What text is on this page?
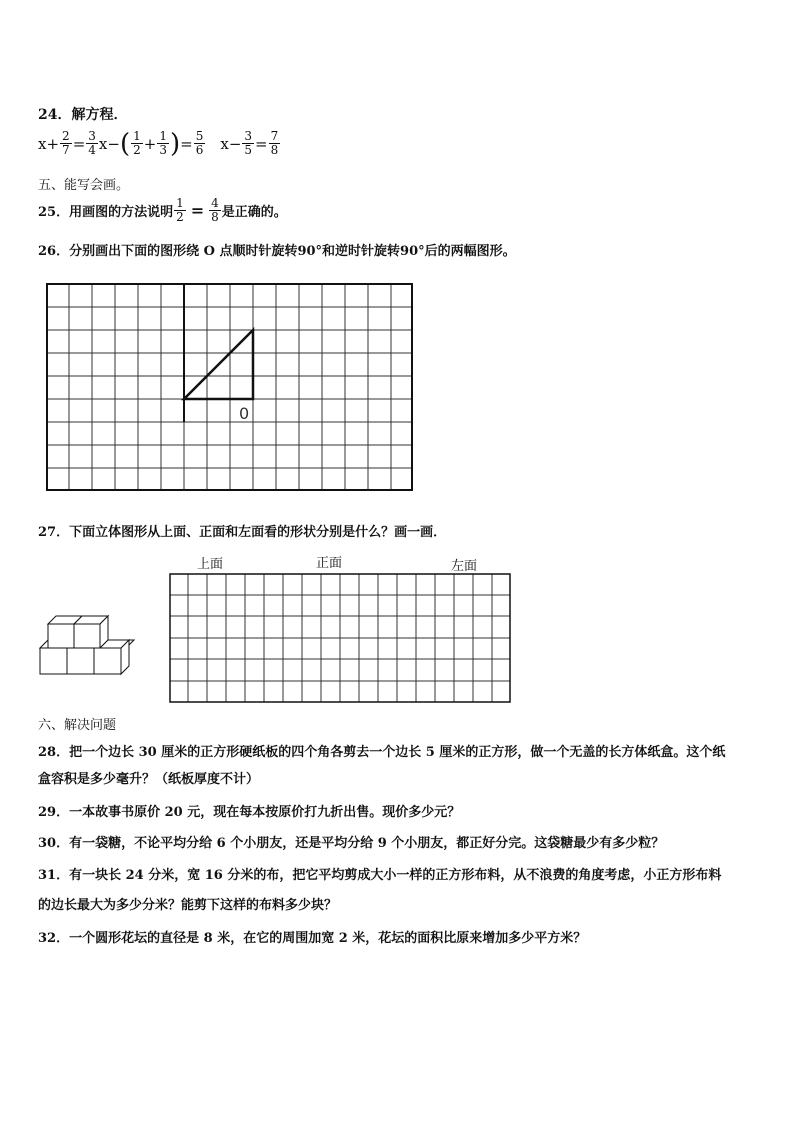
24．解方程．
$x + \frac{2}{7} = \frac{3}{4}$ x − ( $\frac{1}{2} + \frac{1}{3}$ ) = $\frac{5}{6}$ $x - \frac{3}{5} = \frac{7}{8}$
五、能写会画。
25．用画图的方法说明 $\frac{1}{2} = \frac{4}{8}$ 是正确的。
26．分别画出下面的图形绕 O 点顺时针旋转90°和逆时针旋转90°后的两幅图形。
0
27．下面立体图形从上面、正面和左面看的形状分别是什么？画一画．
上面	正面	左面
六、解决问题
28．把一个边长 30 厘米的正方形硬纸板的四个角各剪去一个边长 5 厘米的正方形，做一个无盖的长方体纸盒。这个纸
盒容积是多少毫升？（纸板厚度不计）
29．一本故事书原价 20 元，现在每本按原价打九折出售。现价多少元？
30．有一袋糖，不论平均分给 6 个小朋友，还是平均分给 9 个小朋友，都正好分完。这袋糖最少有多少粒？
31．有一块长 24 分米，宽 16 分米的布，把它平均剪成大小一样的正方形布料，从不浪费的角度考虑，小正方形布料
的边长最大为多少分米？能剪下这样的布料多少块？
32．一个圆形花坛的直径是 8 米，在它的周围加宽 2 米，花坛的面积比原来增加多少平方米？
